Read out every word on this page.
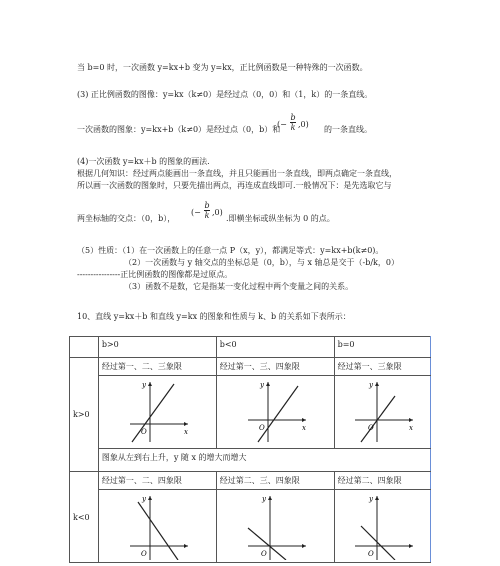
当 b=0 时，一次函数 y=kx+b 变为 y=kx，正比例函数是一种特殊的一次函数。
(3) 正比例函数的图像：y=kx（k≠0）是经过点（0，0）和（1，k）的一条直线。
一次函数的图象：y=kx+b（k≠0）是经过点（0，b）和
(−
b
k ,0)
的一条直线。
(4)一次函数 y=kx＋b 的图象的画法.
根据几何知识：经过两点能画出一条直线，并且只能画出一条直线，即两点确定一条直线，
所以画一次函数的图象时，只要先描出两点，再连成直线即可.一般情况下：是先选取它与
两坐标轴的交点：（0，b），
(−
b
k ,0)
.即横坐标或纵坐标为 0 的点。
（5）性质：（1）在一次函数上的任意一点 P（x，y），都满足等式：y=kx+b(k≠0)。
（2）一次函数与 y 轴交点的坐标总是（0，b），与 x 轴总是交于（-b/k，0）
----------------正比例函数的图像都是过原点。
（3）函数不是数，它是指某一变化过程中两个变量之间的关系。
10、直线 y=kx＋b 和直线 y=kx 的图象和性质与 k、b 的关系如下表所示：
	b>0	b<0	b=0
k>0	经过第一、二、三象限	经过第一、三、四象限	经过第一、三象限

y
x
O	y
x
O	y
x
O

	图象从左到右上升，y 随 x 的增大而增大		
k<0	经过第一、二、四象限	经过第二、三、四象限	经过第二、四象限

y
O	y
O	y
O
